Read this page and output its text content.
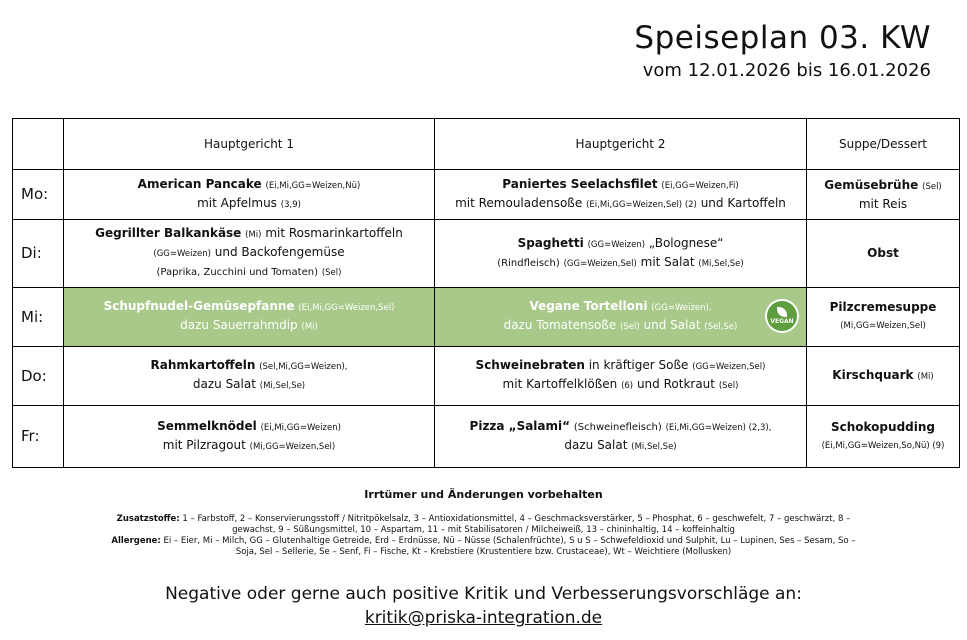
Speiseplan 03. KW
vom 12.01.2026 bis 16.01.2026
	Hauptgericht 1	Hauptgericht 2	Suppe/Dessert
Mo:	American Pancake (Ei,Mi,GG=Weizen,Nü)
mit Apfelmus (3,9)	Paniertes Seelachsfilet (Ei,GG=Weizen,Fi)
mit Remouladensoße (Ei,Mi,GG=Weizen,Sel) (2) und Kartoffeln	Gemüsebrühe (Sel)
mit Reis
Di:	Gegrillter Balkankäse (Mi) mit Rosmarinkartoffeln
(GG=Weizen) und Backofengemüse
(Paprika, Zucchini und Tomaten) (Sel)	Spaghetti (GG=Weizen) „Bolognese“
(Rindfleisch) (GG=Weizen,Sel) mit Salat (Mi,Sel,Se)	Obst
Mi:	Schupfnudel-Gemüsepfanne (Ei,Mi,GG=Weizen,Sel)
dazu Sauerrahmdip (Mi)	Vegane Tortelloni (GG=Weizen),
dazu Tomatensoße (Sel) und Salat (Sel,Se)
VEGAN	Pilzcremesuppe
(Mi,GG=Weizen,Sel)
Do:	Rahmkartoffeln (Sel,Mi,GG=Weizen),
dazu Salat (Mi,Sel,Se)	Schweinebraten in kräftiger Soße (GG=Weizen,Sel)
mit Kartoffelklößen (6) und Rotkraut (Sel)	Kirschquark (Mi)
Fr:	Semmelknödel (Ei,Mi,GG=Weizen)
mit Pilzragout (Mi,GG=Weizen,Sel)	Pizza „Salami“ (Schweinefleisch) (Ei,Mi,GG=Weizen) (2,3),
dazu Salat (Mi,Sel,Se)	Schokopudding
(Ei,Mi,GG=Weizen,So,Nü) (9)
Irrtümer und Änderungen vorbehalten
Zusatzstoffe: 1 – Farbstoff, 2 – Konservierungsstoff / Nitritpökelsalz, 3 – Antioxidationsmittel, 4 – Geschmacksverstärker, 5 – Phosphat, 6 – geschwefelt, 7 – geschwärzt, 8 – gewachst, 9 – Süßungsmittel, 10 – Aspartam, 11 – mit Stabilisatoren / Milcheiweiß, 13 – chininhaltig, 14 – koffeinhaltig
Allergene: Ei – Eier, Mi – Milch, GG – Glutenhaltige Getreide, Erd – Erdnüsse, Nü – Nüsse (Schalenfrüchte), S u S – Schwefeldioxid und Sulphit, Lu – Lupinen, Ses – Sesam, So – Soja, Sel – Sellerie, Se – Senf, Fi – Fische, Kt – Krebstiere (Krustentiere bzw. Crustaceae), Wt – Weichtiere (Mollusken)
Negative oder gerne auch positive Kritik und Verbesserungsvorschläge an:
kritik@priska-integration.de
